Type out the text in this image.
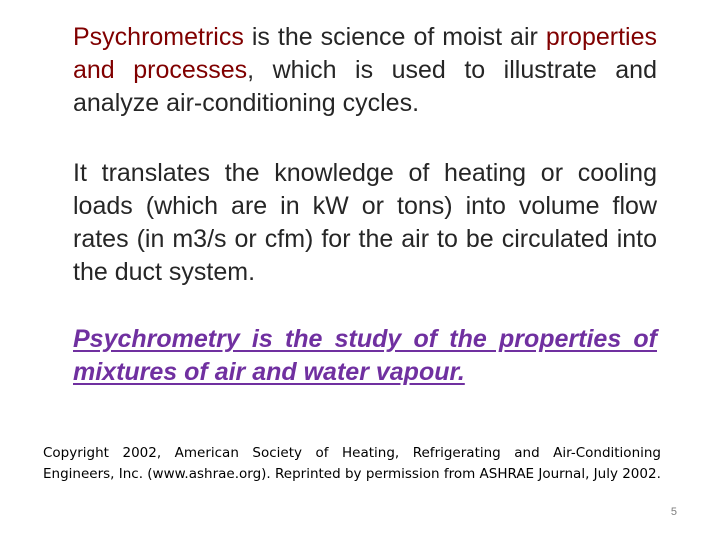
Psychrometrics is the science of moist air properties and processes, which is used to illustrate and analyze air-conditioning cycles.
It translates the knowledge of heating or cooling loads (which are in kW or tons) into volume flow rates (in m3/s or cfm) for the air to be circulated into the duct system.
Psychrometry is the study of the properties of mixtures of air and water vapour.
Copyright 2002, American Society of Heating, Refrigerating and Air-Conditioning Engineers, Inc. (www.ashrae.org). Reprinted by permission from ASHRAE Journal, July 2002.
5
